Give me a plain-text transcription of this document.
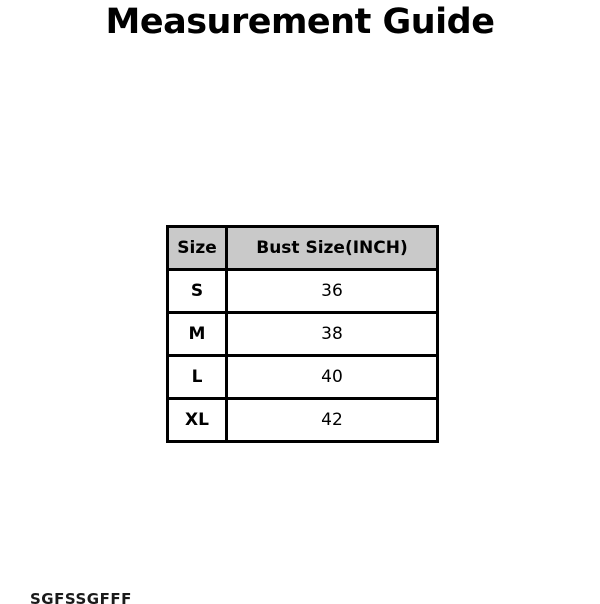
Measurement Guide
Size	Bust Size(INCH)
S	36
M	38
L	40
XL	42
SGFSSGFFF
